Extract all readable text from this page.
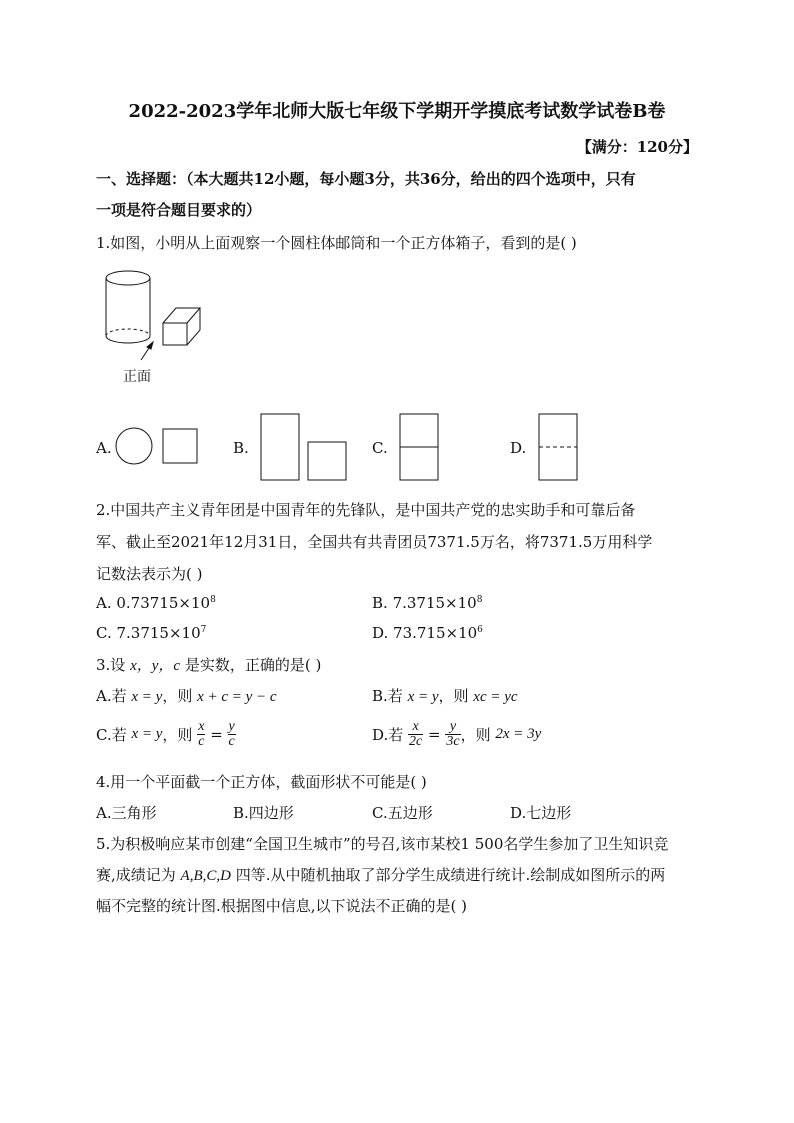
2022-2023学年北师大版七年级下学期开学摸底考试数学试卷B卷
【满分：120分】
一、选择题：（本大题共12小题，每小题3分，共36分，给出的四个选项中，只有
一项是符合题目要求的）
1.如图，小明从上面观察一个圆柱体邮筒和一个正方体箱子，看到的是( )
正面
A.	B.	C.	D.
2.中国共产主义青年团是中国青年的先锋队，是中国共产党的忠实助手和可靠后备
军、截止至2021年12月31日，全国共有共青团员7371.5万名，将7371.5万用科学
记数法表示为( )
A. $0.73715\times 10^8$	B. $7.3715\times 10^8$
C. $7.3715\times 10^7$	D. $73.715\times 10^6$
3.设 x，y，c 是实数，正确的是( )
A.若 x = y，则 x + c = y − c	B.若 x = y，则 xc = yc
C.若 x = y，则 $\frac{x}{c} = \frac{y}{c}$	D.若 $\frac{x}{2c} = \frac{y}{3c}$ ，则 2x = 3y
4.用一个平面截一个正方体，截面形状不可能是( )
A.三角形	B.四边形	C.五边形	D.七边形
5.为积极响应某市创建“全国卫生城市”的号召,该市某校1 500名学生参加了卫生知识竞
赛,成绩记为 A,B,C,D 四等.从中随机抽取了部分学生成绩进行统计.绘制成如图所示的两
幅不完整的统计图.根据图中信息,以下说法不正确的是( )
